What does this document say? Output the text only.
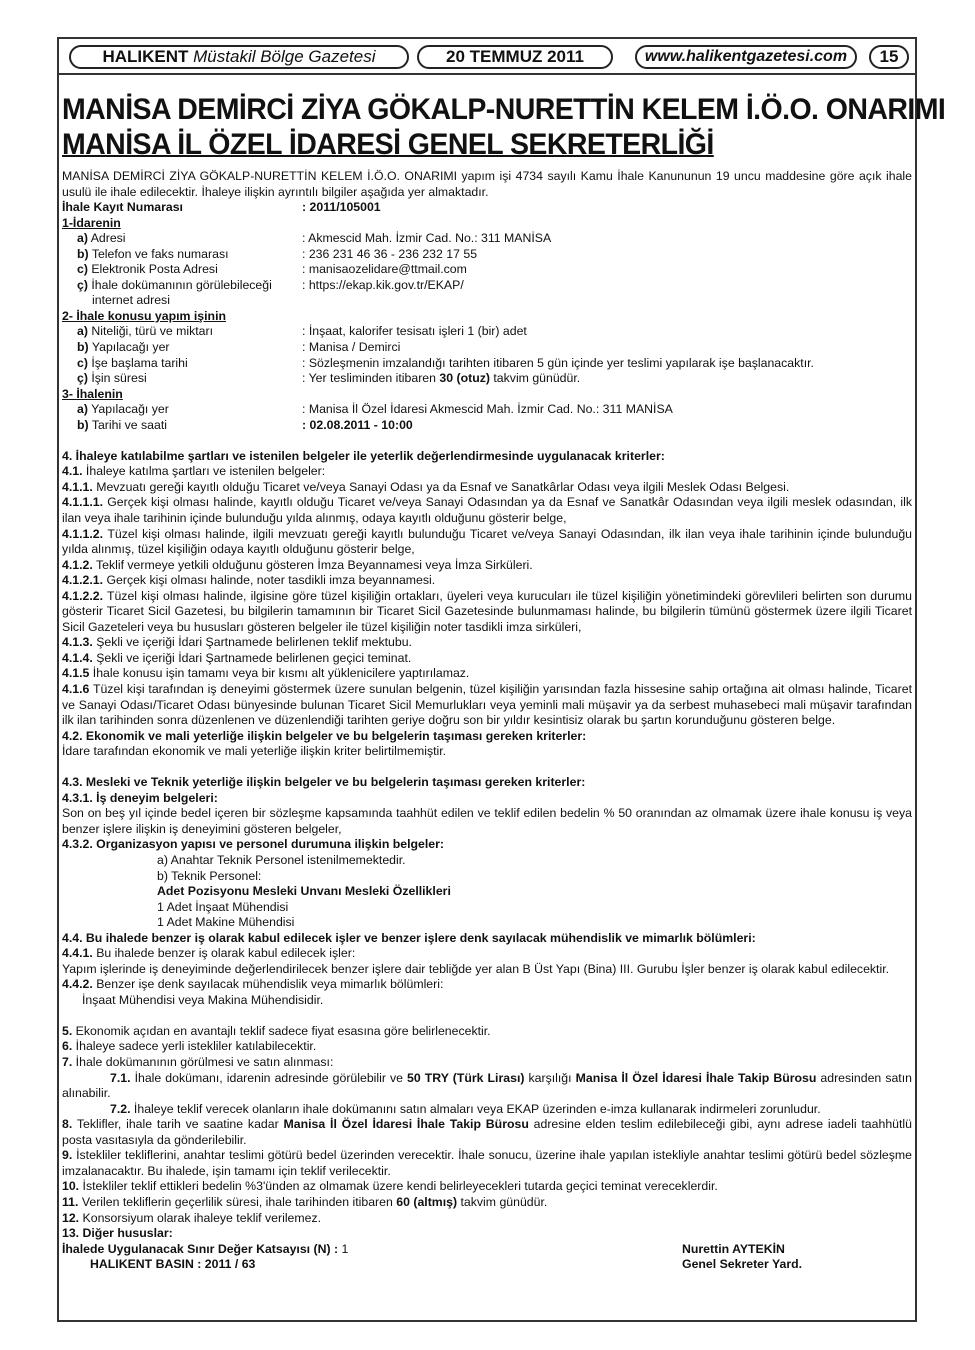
HALIKENT Müstakil Bölge Gazetesi	20 TEMMUZ 2011	www.halikentgazetesi.com	15
MANİSA DEMİRCİ ZİYA GÖKALP-NURETTİN KELEM İ.Ö.O. ONARIMI
MANİSA İL ÖZEL İDARESİ GENEL SEKRETERLİĞİ

MANİSA DEMİRCİ ZİYA GÖKALP-NURETTİN KELEM İ.Ö.O. ONARIMI yapım işi 4734 sayılı Kamu İhale Kanununun 19 uncu maddesine göre açık ihale usulü ile ihale edilecektir. İhaleye ilişkin ayrıntılı bilgiler aşağıda yer almaktadır.

İhale Kayıt Numarası	: 2011/105001

1-İdarenin

a) Adresi	: Akmescid Mah. İzmir Cad. No.: 311 MANİSA
b) Telefon ve faks numarası	: 236 231 46 36 - 236 232 17 55
c) Elektronik Posta Adresi	: manisaozelidare@ttmail.com
ç) İhale dokümanının görülebileceği	: https://ekap.kik.gov.tr/EKAP/

internet adresi

2- İhale konusu yapım işinin

a) Niteliği, türü ve miktarı	: İnşaat, kalorifer tesisatı işleri 1 (bir) adet
b) Yapılacağı yer	: Manisa / Demirci
c) İşe başlama tarihi	: Sözleşmenin imzalandığı tarihten itibaren 5 gün içinde yer teslimi yapılarak işe başlanacaktır.
ç) İşin süresi	: Yer tesliminden itibaren 30 (otuz) takvim günüdür.

3- İhalenin

a) Yapılacağı yer	: Manisa İl Özel İdaresi Akmescid Mah. İzmir Cad. No.: 311 MANİSA
b) Tarihi ve saati	: 02.08.2011 - 10:00

4. İhaleye katılabilme şartları ve istenilen belgeler ile yeterlik değerlendirmesinde uygulanacak kriterler:

4.1. İhaleye katılma şartları ve istenilen belgeler:

4.1.1. Mevzuatı gereği kayıtlı olduğu Ticaret ve/veya Sanayi Odası ya da Esnaf ve Sanatkârlar Odası veya ilgili Meslek Odası Belgesi.

4.1.1.1. Gerçek kişi olması halinde, kayıtlı olduğu Ticaret ve/veya Sanayi Odasından ya da Esnaf ve Sanatkâr Odasından veya ilgili meslek odasından, ilk ilan veya ihale tarihinin içinde bulunduğu yılda alınmış, odaya kayıtlı olduğunu gösterir belge,

4.1.1.2. Tüzel kişi olması halinde, ilgili mevzuatı gereği kayıtlı bulunduğu Ticaret ve/veya Sanayi Odasından, ilk ilan veya ihale tarihinin içinde bulunduğu yılda alınmış, tüzel kişiliğin odaya kayıtlı olduğunu gösterir belge,

4.1.2. Teklif vermeye yetkili olduğunu gösteren İmza Beyannamesi veya İmza Sirküleri.

4.1.2.1. Gerçek kişi olması halinde, noter tasdikli imza beyannamesi.

4.1.2.2. Tüzel kişi olması halinde, ilgisine göre tüzel kişiliğin ortakları, üyeleri veya kurucuları ile tüzel kişiliğin yönetimindeki görevlileri belirten son durumu gösterir Ticaret Sicil Gazetesi, bu bilgilerin tamamının bir Ticaret Sicil Gazetesinde bulunmaması halinde, bu bilgilerin tümünü göstermek üzere ilgili Ticaret Sicil Gazeteleri veya bu hususları gösteren belgeler ile tüzel kişiliğin noter tasdikli imza sirküleri,

4.1.3. Şekli ve içeriği İdari Şartnamede belirlenen teklif mektubu.

4.1.4. Şekli ve içeriği İdari Şartnamede belirlenen geçici teminat.

4.1.5 İhale konusu işin tamamı veya bir kısmı alt yüklenicilere yaptırılamaz.

4.1.6 Tüzel kişi tarafından iş deneyimi göstermek üzere sunulan belgenin, tüzel kişiliğin yarısından fazla hissesine sahip ortağına ait olması halinde, Ticaret ve Sanayi Odası/Ticaret Odası bünyesinde bulunan Ticaret Sicil Memurlukları veya yeminli mali müşavir ya da serbest muhasebeci mali müşavir tarafından ilk ilan tarihinden sonra düzenlenen ve düzenlendiği tarihten geriye doğru son bir yıldır kesintisiz olarak bu şartın korunduğunu gösteren belge.

4.2. Ekonomik ve mali yeterliğe ilişkin belgeler ve bu belgelerin taşıması gereken kriterler:

İdare tarafından ekonomik ve mali yeterliğe ilişkin kriter belirtilmemiştir.

4.3. Mesleki ve Teknik yeterliğe ilişkin belgeler ve bu belgelerin taşıması gereken kriterler:

4.3.1. İş deneyim belgeleri:

Son on beş yıl içinde bedel içeren bir sözleşme kapsamında taahhüt edilen ve teklif edilen bedelin % 50 oranından az olmamak üzere ihale konusu iş veya benzer işlere ilişkin iş deneyimini gösteren belgeler,

4.3.2. Organizasyon yapısı ve personel durumuna ilişkin belgeler:

a) Anahtar Teknik Personel istenilmemektedir.

b) Teknik Personel:

Adet Pozisyonu Mesleki Unvanı Mesleki Özellikleri

1 Adet İnşaat Mühendisi

1 Adet Makine Mühendisi

4.4. Bu ihalede benzer iş olarak kabul edilecek işler ve benzer işlere denk sayılacak mühendislik ve mimarlık bölümleri:

4.4.1. Bu ihalede benzer iş olarak kabul edilecek işler:

Yapım işlerinde iş deneyiminde değerlendirilecek benzer işlere dair tebliğde yer alan B Üst Yapı (Bina) III. Gurubu İşler benzer iş olarak kabul edilecektir.

4.4.2. Benzer işe denk sayılacak mühendislik veya mimarlık bölümleri:

İnşaat Mühendisi veya Makina Mühendisidir.

5. Ekonomik açıdan en avantajlı teklif sadece fiyat esasına göre belirlenecektir.

6. İhaleye sadece yerli istekliler katılabilecektir.

7. İhale dokümanının görülmesi ve satın alınması:

7.1. İhale dokümanı, idarenin adresinde görülebilir ve 50 TRY (Türk Lirası) karşılığı Manisa İl Özel İdaresi İhale Takip Bürosu adresinden satın alınabilir.

7.2. İhaleye teklif verecek olanların ihale dokümanını satın almaları veya EKAP üzerinden e-imza kullanarak indirmeleri zorunludur.

8. Teklifler, ihale tarih ve saatine kadar Manisa İl Özel İdaresi İhale Takip Bürosu adresine elden teslim edilebileceği gibi, aynı adrese iadeli taahhütlü posta vasıtasıyla da gönderilebilir.

9. İstekliler tekliflerini, anahtar teslimi götürü bedel üzerinden verecektir. İhale sonucu, üzerine ihale yapılan istekliyle anahtar teslimi götürü bedel sözleşme imzalanacaktır. Bu ihalede, işin tamamı için teklif verilecektir.

10. İstekliler teklif ettikleri bedelin %3'ünden az olmamak üzere kendi belirleyecekleri tutarda geçici teminat vereceklerdir.

11. Verilen tekliflerin geçerlilik süresi, ihale tarihinden itibaren 60 (altmış) takvim günüdür.

12. Konsorsiyum olarak ihaleye teklif verilemez.

13. Diğer hususlar:

İhalede Uygulanacak Sınır Değer Katsayısı (N) : 1	Nurettin AYTEKİN
HALIKENT BASIN : 2011 / 63	Genel Sekreter Yard.
